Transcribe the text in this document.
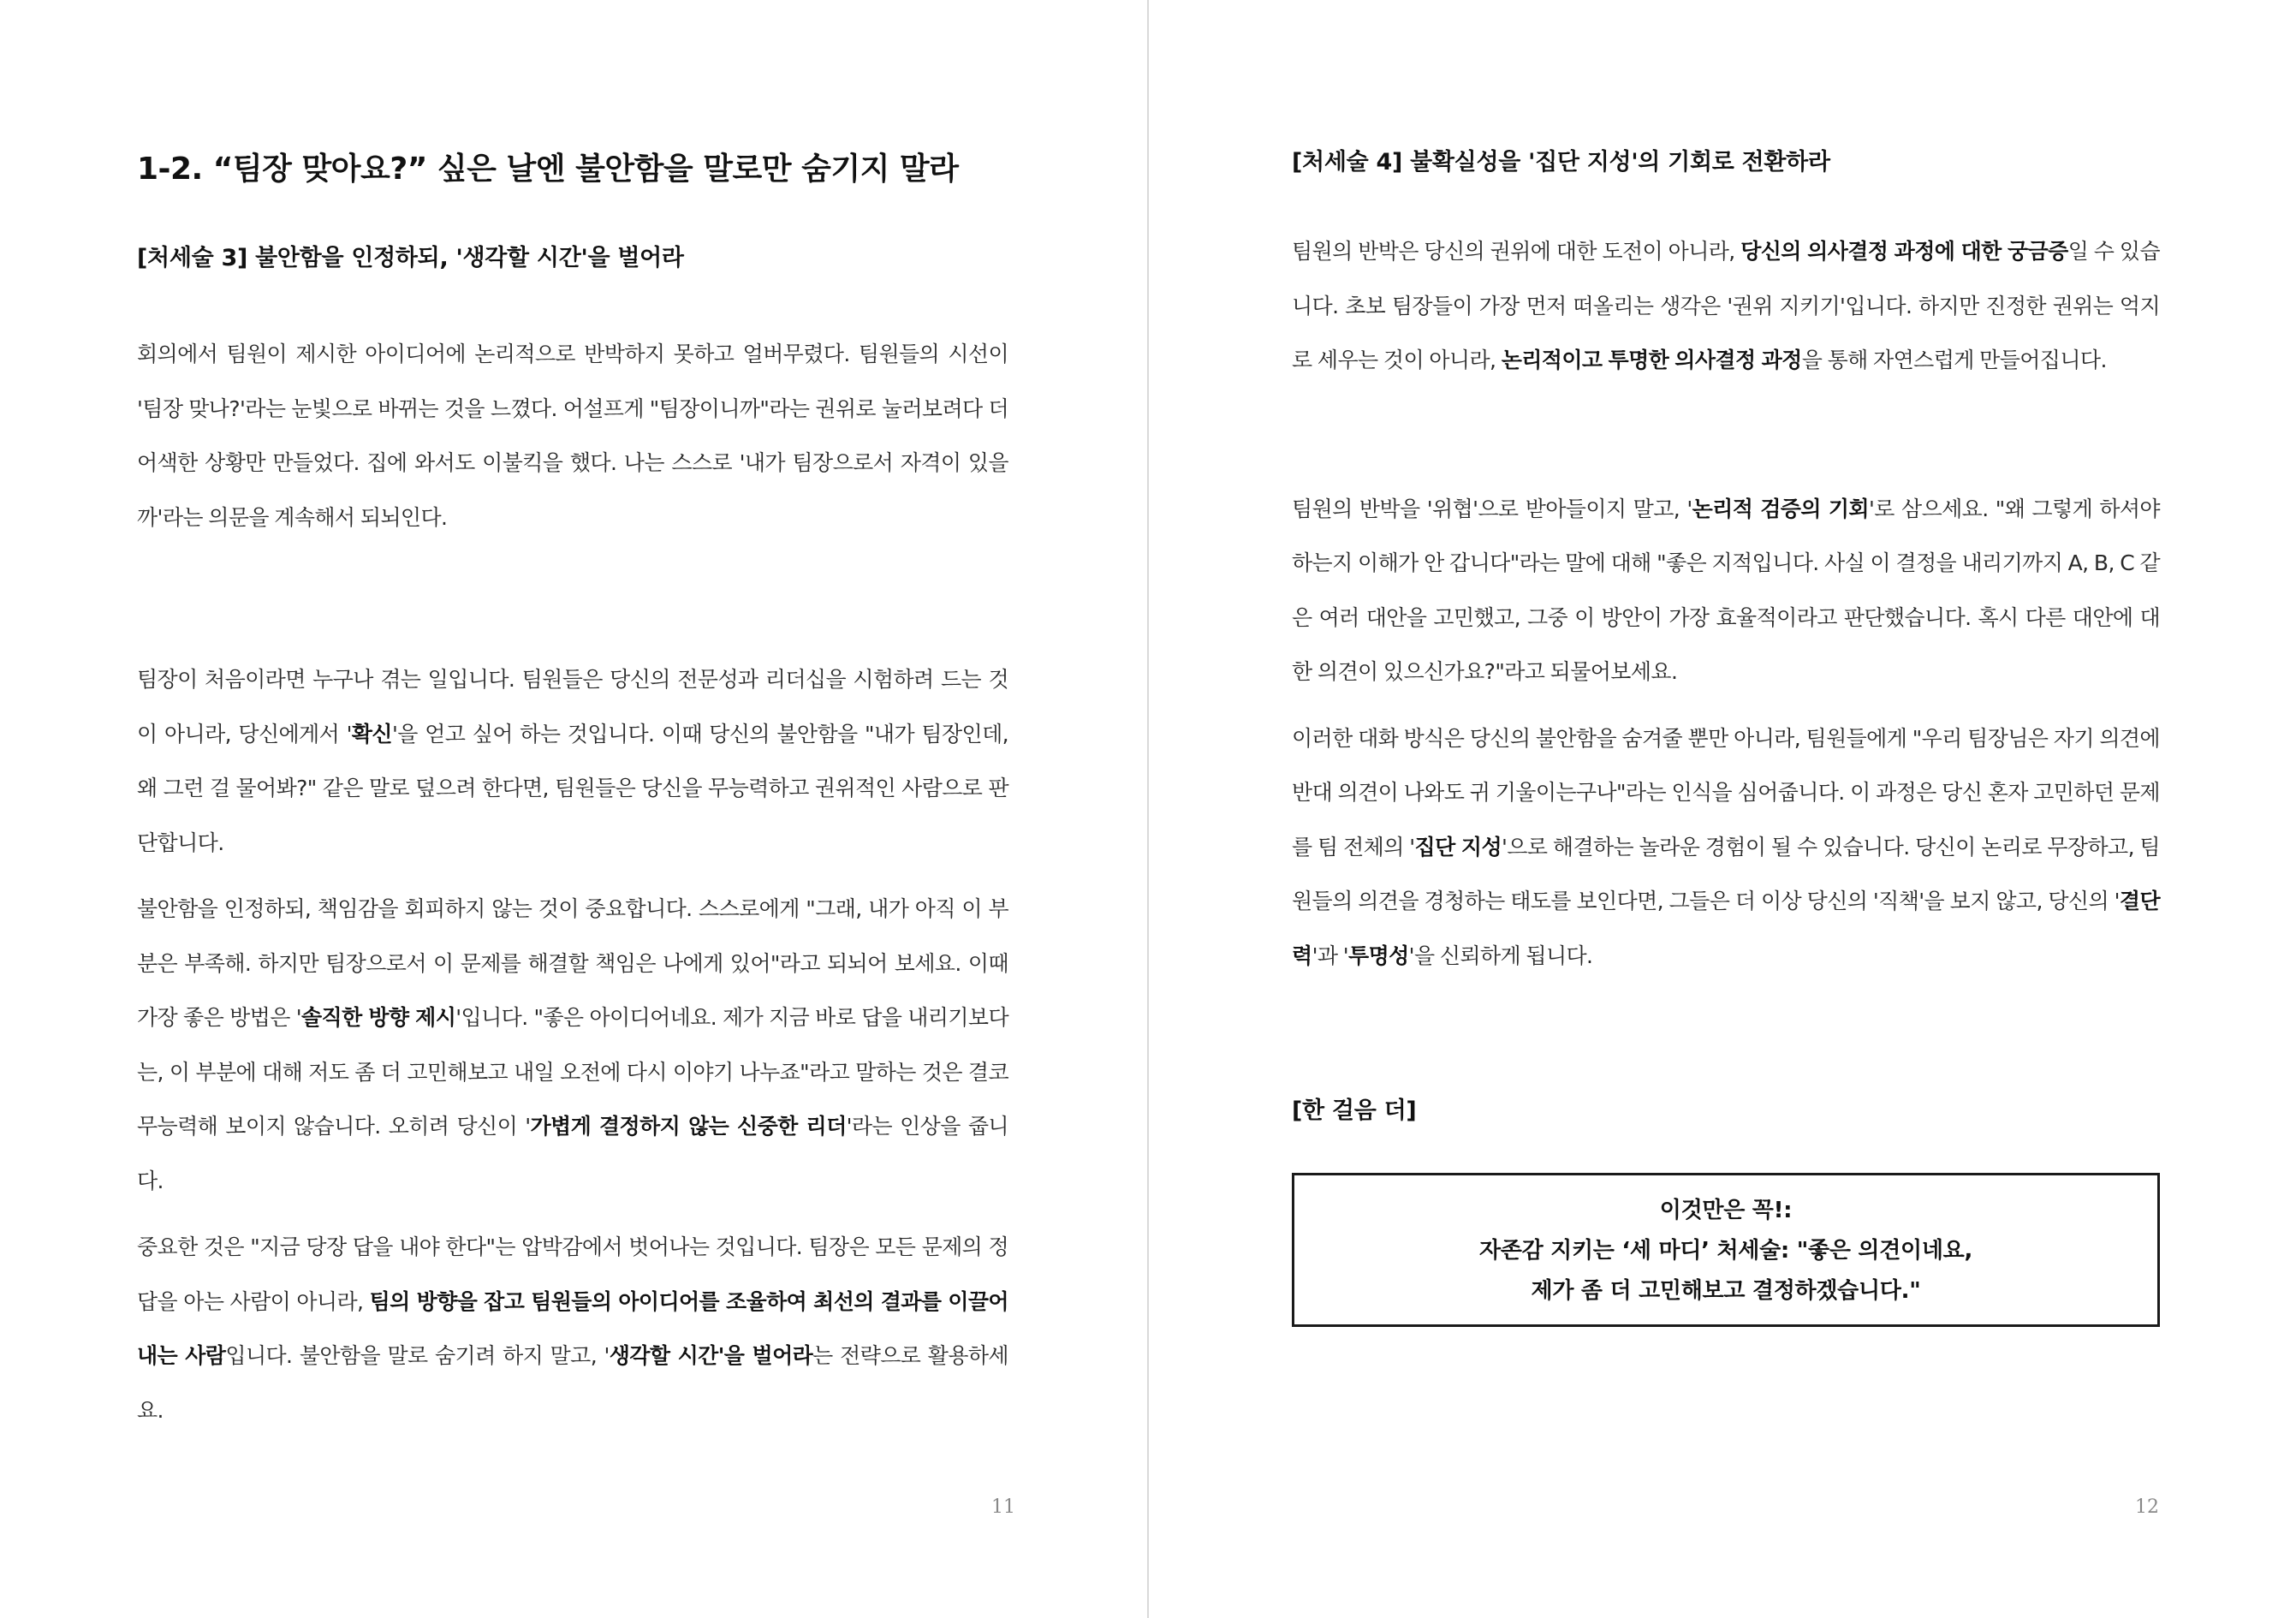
1-2. “팀장 맞아요?” 싶은 날엔 불안함을 말로만 숨기지 말라
[처세술 3] 불안함을 인정하되, '생각할 시간'을 벌어라

회의에서 팀원이 제시한 아이디어에 논리적으로 반박하지 못하고 얼버무렸다. 팀원들의 시선이 '팀장 맞나?'라는 눈빛으로 바뀌는 것을 느꼈다. 어설프게 "팀장이니까"라는 권위로 눌러보려다 더 어색한 상황만 만들었다. 집에 와서도 이불킥을 했다. 나는 스스로 '내가 팀장으로서 자격이 있을까'라는 의문을 계속해서 되뇌인다.

팀장이 처음이라면 누구나 겪는 일입니다. 팀원들은 당신의 전문성과 리더십을 시험하려 드는 것이 아니라, 당신에게서 '확신'을 얻고 싶어 하는 것입니다. 이때 당신의 불안함을 "내가 팀장인데, 왜 그런 걸 물어봐?" 같은 말로 덮으려 한다면, 팀원들은 당신을 무능력하고 권위적인 사람으로 판단합니다.

불안함을 인정하되, 책임감을 회피하지 않는 것이 중요합니다. 스스로에게 "그래, 내가 아직 이 부분은 부족해. 하지만 팀장으로서 이 문제를 해결할 책임은 나에게 있어"라고 되뇌어 보세요. 이때 가장 좋은 방법은 '솔직한 방향 제시'입니다. "좋은 아이디어네요. 제가 지금 바로 답을 내리기보다는, 이 부분에 대해 저도 좀 더 고민해보고 내일 오전에 다시 이야기 나누죠"라고 말하는 것은 결코 무능력해 보이지 않습니다. 오히려 당신이 '가볍게 결정하지 않는 신중한 리더'라는 인상을 줍니다.

중요한 것은 "지금 당장 답을 내야 한다"는 압박감에서 벗어나는 것입니다. 팀장은 모든 문제의 정답을 아는 사람이 아니라, 팀의 방향을 잡고 팀원들의 아이디어를 조율하여 최선의 결과를 이끌어내는 사람입니다. 불안함을 말로 숨기려 하지 말고, '생각할 시간'을 벌어라는 전략으로 활용하세요.

11
[처세술 4] 불확실성을 '집단 지성'의 기회로 전환하라

팀원의 반박은 당신의 권위에 대한 도전이 아니라, 당신의 의사결정 과정에 대한 궁금증일 수 있습니다. 초보 팀장들이 가장 먼저 떠올리는 생각은 '권위 지키기'입니다. 하지만 진정한 권위는 억지로 세우는 것이 아니라, 논리적이고 투명한 의사결정 과정을 통해 자연스럽게 만들어집니다.

팀원의 반박을 '위협'으로 받아들이지 말고, '논리적 검증의 기회'로 삼으세요. "왜 그렇게 하셔야 하는지 이해가 안 갑니다"라는 말에 대해 "좋은 지적입니다. 사실 이 결정을 내리기까지 A, B, C 같은 여러 대안을 고민했고, 그중 이 방안이 가장 효율적이라고 판단했습니다. 혹시 다른 대안에 대한 의견이 있으신가요?"라고 되물어보세요.

이러한 대화 방식은 당신의 불안함을 숨겨줄 뿐만 아니라, 팀원들에게 "우리 팀장님은 자기 의견에 반대 의견이 나와도 귀 기울이는구나"라는 인식을 심어줍니다. 이 과정은 당신 혼자 고민하던 문제를 팀 전체의 '집단 지성'으로 해결하는 놀라운 경험이 될 수 있습니다. 당신이 논리로 무장하고, 팀원들의 의견을 경청하는 태도를 보인다면, 그들은 더 이상 당신의 '직책'을 보지 않고, 당신의 '결단력'과 '투명성'을 신뢰하게 됩니다.

[한 걸음 더]
이것만은 꼭!:
자존감 지키는 ‘세 마디’ 처세술: "좋은 의견이네요,
제가 좀 더 고민해보고 결정하겠습니다."
12
